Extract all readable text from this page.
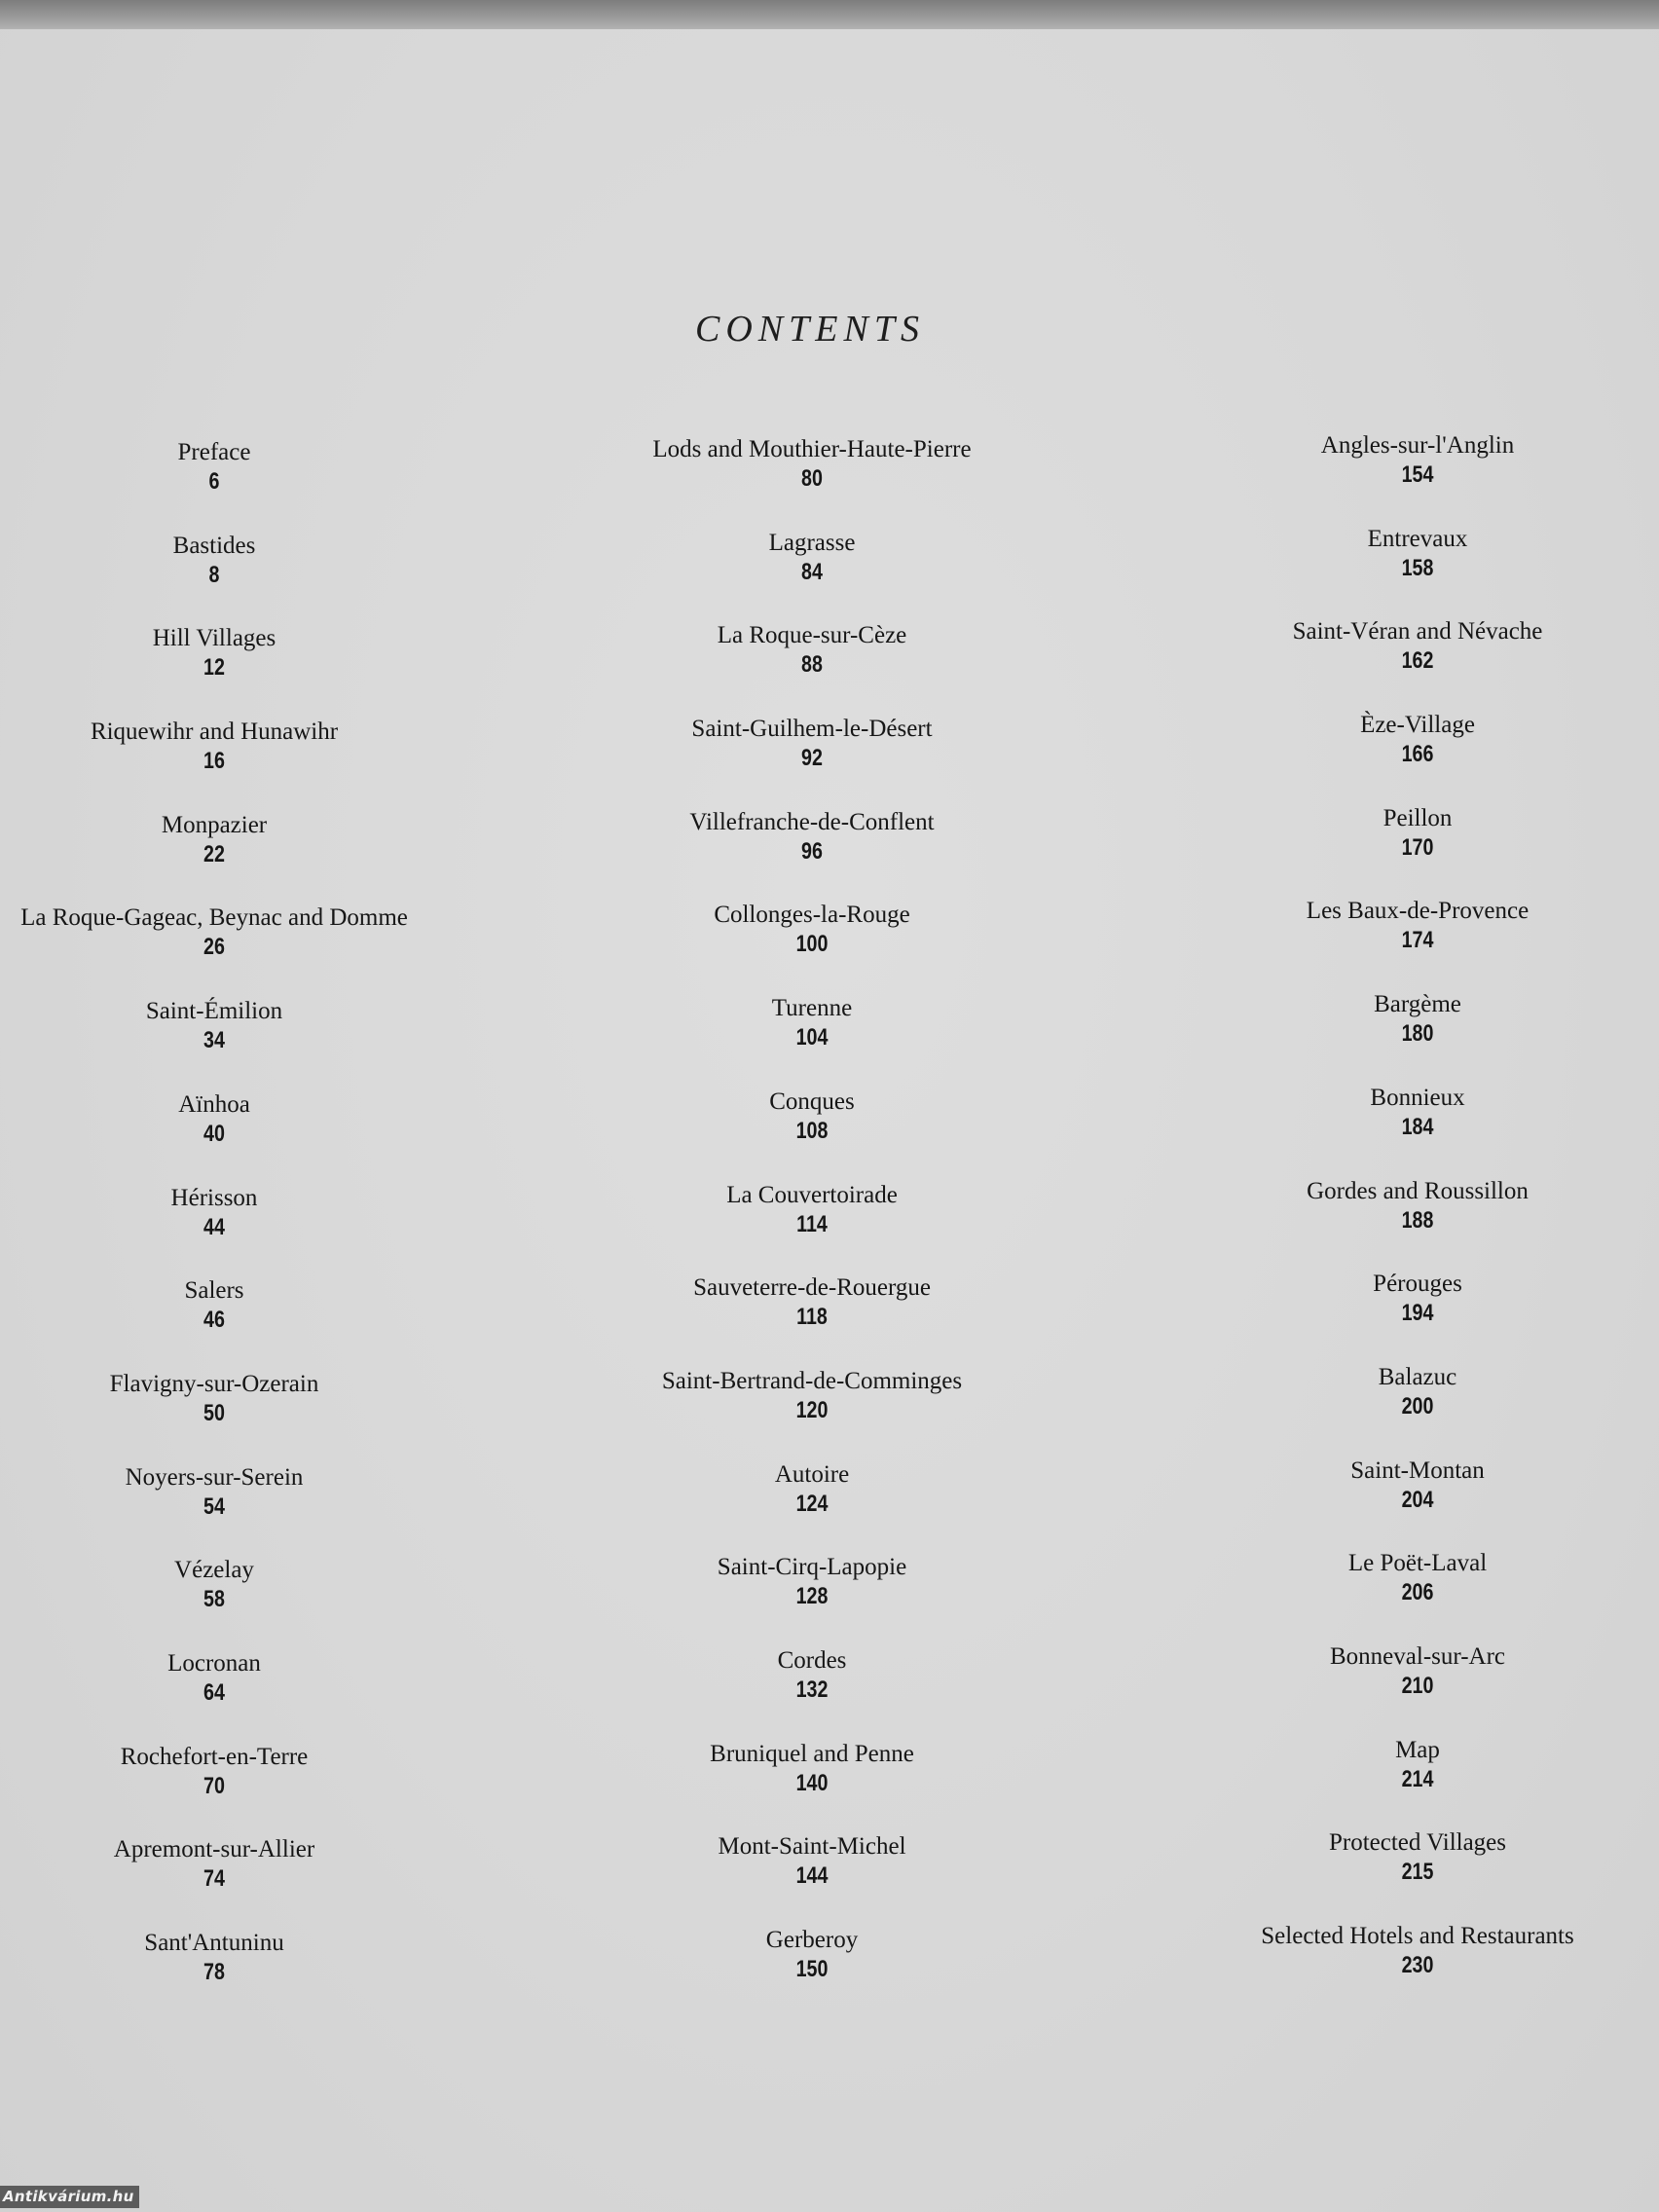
CONTENTS
Preface
6
Bastides
8
Hill Villages
12
Riquewihr and Hunawihr
16
Monpazier
22
La Roque-Gageac, Beynac and Domme
26
Saint-Émilion
34
Aïnhoa
40
Hérisson
44
Salers
46
Flavigny-sur-Ozerain
50
Noyers-sur-Serein
54
Vézelay
58
Locronan
64
Rochefort-en-Terre
70
Apremont-sur-Allier
74
Sant'Antuninu
78
Lods and Mouthier-Haute-Pierre
80
Lagrasse
84
La Roque-sur-Cèze
88
Saint-Guilhem-le-Désert
92
Villefranche-de-Conflent
96
Collonges-la-Rouge
100
Turenne
104
Conques
108
La Couvertoirade
114
Sauveterre-de-Rouergue
118
Saint-Bertrand-de-Comminges
120
Autoire
124
Saint-Cirq-Lapopie
128
Cordes
132
Bruniquel and Penne
140
Mont-Saint-Michel
144
Gerberoy
150
Angles-sur-l'Anglin
154
Entrevaux
158
Saint-Véran and Névache
162
Èze-Village
166
Peillon
170
Les Baux-de-Provence
174
Bargème
180
Bonnieux
184
Gordes and Roussillon
188
Pérouges
194
Balazuc
200
Saint-Montan
204
Le Poët-Laval
206
Bonneval-sur-Arc
210
Map
214
Protected Villages
215
Selected Hotels and Restaurants
230
Antikvárium.hu
